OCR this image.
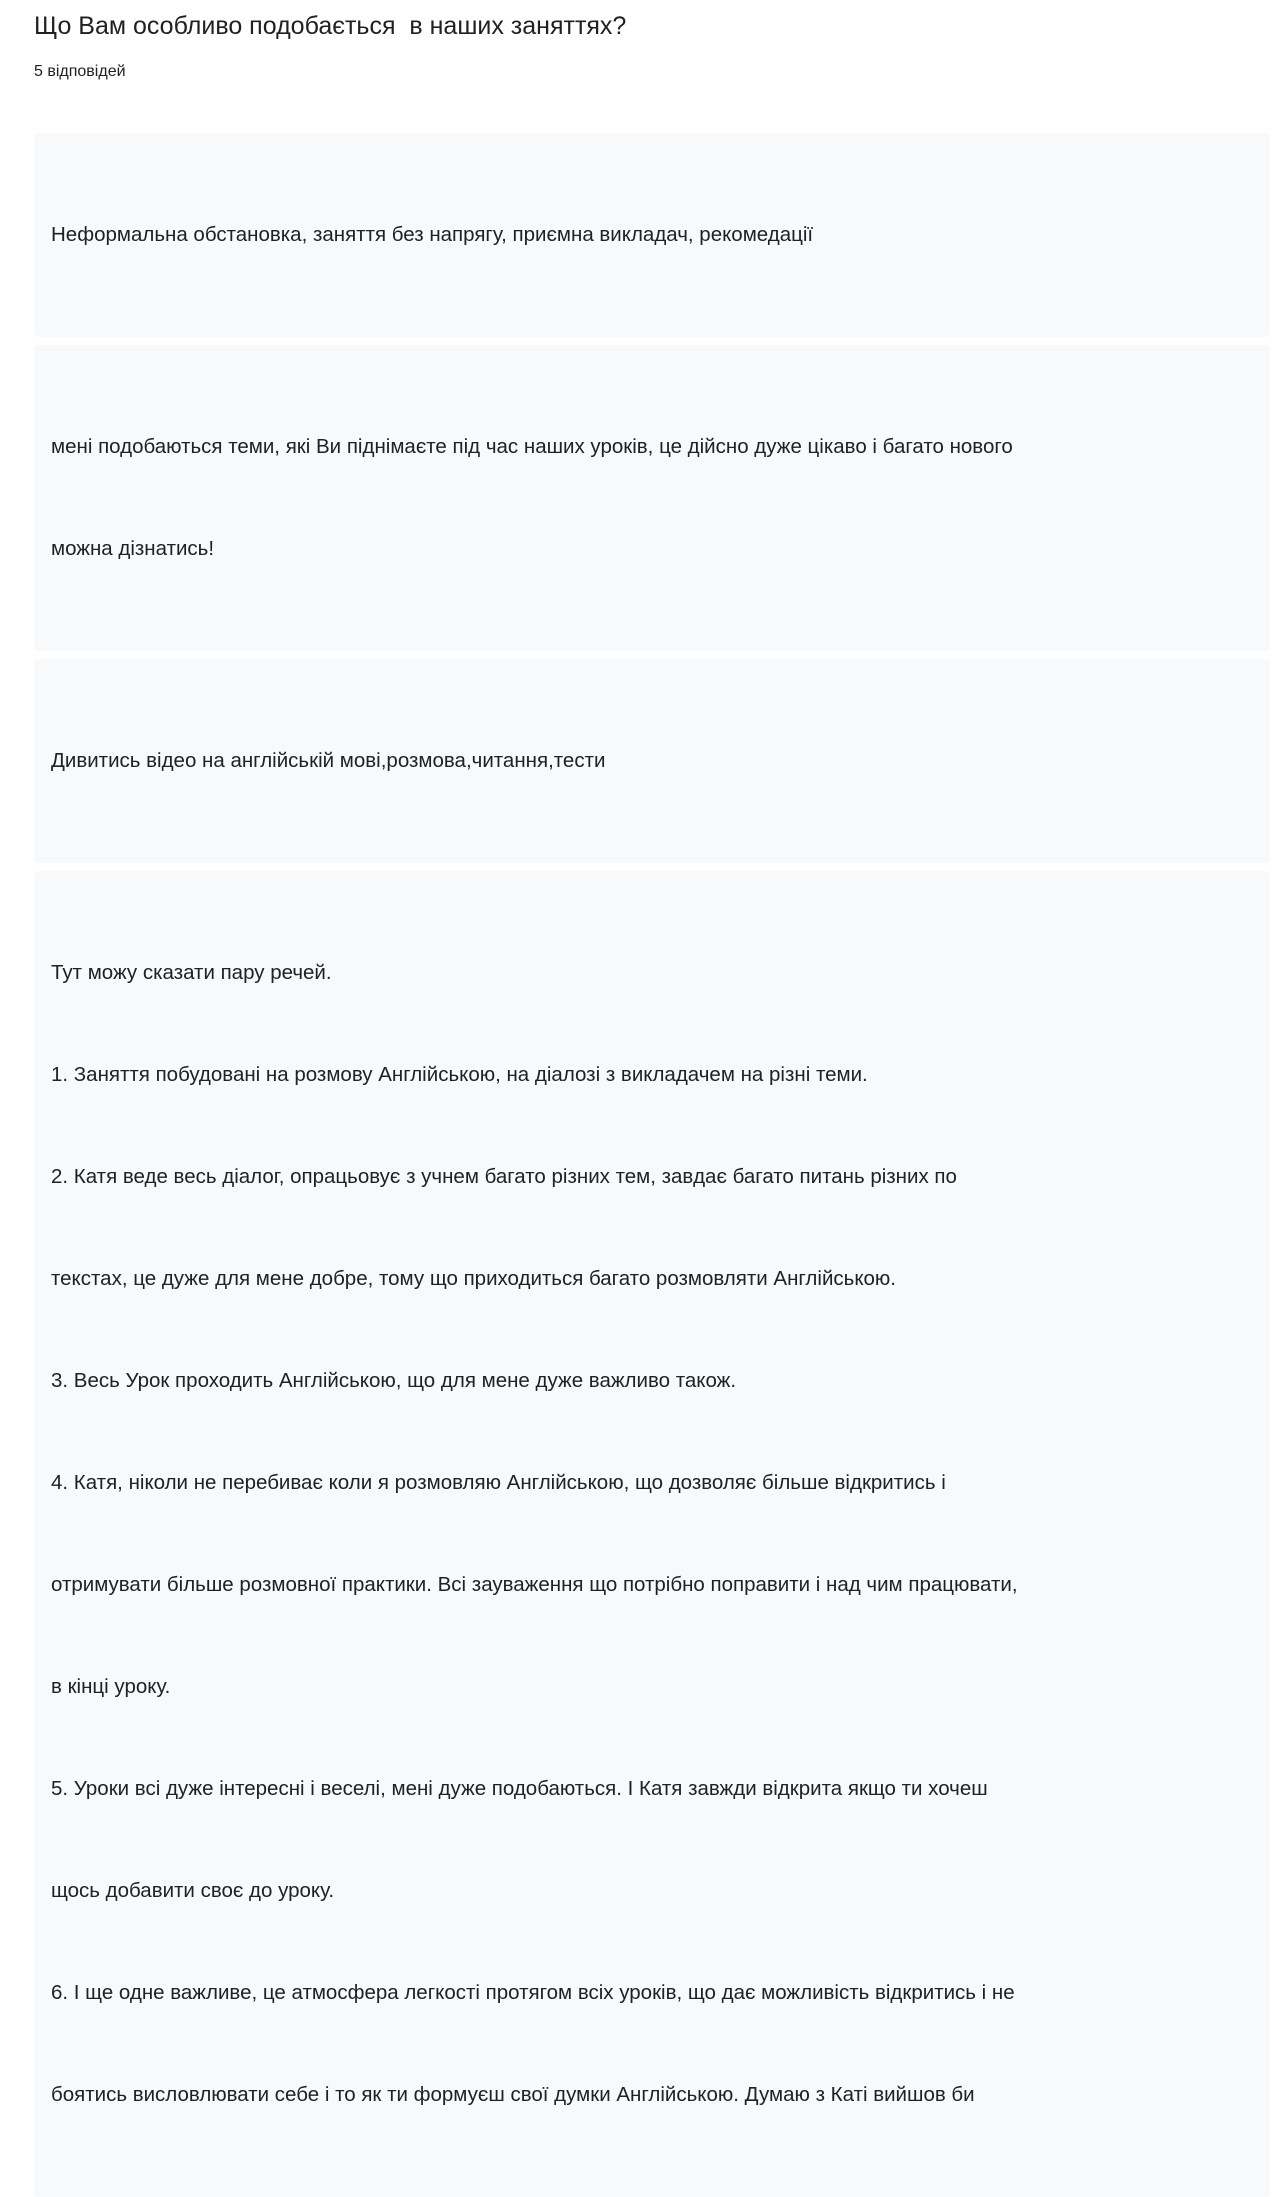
Що Вам особливо подобається  в наших заняттях?
5 відповідей

Неформальна обстановка, заняття без напрягу, приємна викладач, рекомедації

мені подобаються теми, які Ви піднімаєте під час наших уроків, це дійсно дуже цікаво і багато нового

можна дізнатись!

Дивитись відео на англійській мові,розмова,читання,тести

Тут можу сказати пару речей.

1. Заняття побудовані на розмову Англійською, на діалозі з викладачем на різні теми.

2. Катя веде весь діалог, опрацьовує з учнем багато різних тем, завдає багато питань різних по

текстах, це дуже для мене добре, тому що приходиться багато розмовляти Англійською.

3. Весь Урок проходить Англійською, що для мене дуже важливо також.

4. Катя, ніколи не перебиває коли я розмовляю Англійською, що дозволяє більше відкритись і

отримувати більше розмовної практики. Всі зауваження що потрібно поправити і над чим працювати,

в кінці уроку.

5. Уроки всі дуже інтересні і веселі, мені дуже подобаються. І Катя завжди відкрита якщо ти хочеш

щось добавити своє до уроку.

6. І ще одне важливе, це атмосфера легкості протягом всіх уроків, що дає можливість відкритись і не

боятись висловлювати себе і то як ти формуєш свої думки Англійською. Думаю з Каті вийшов би
